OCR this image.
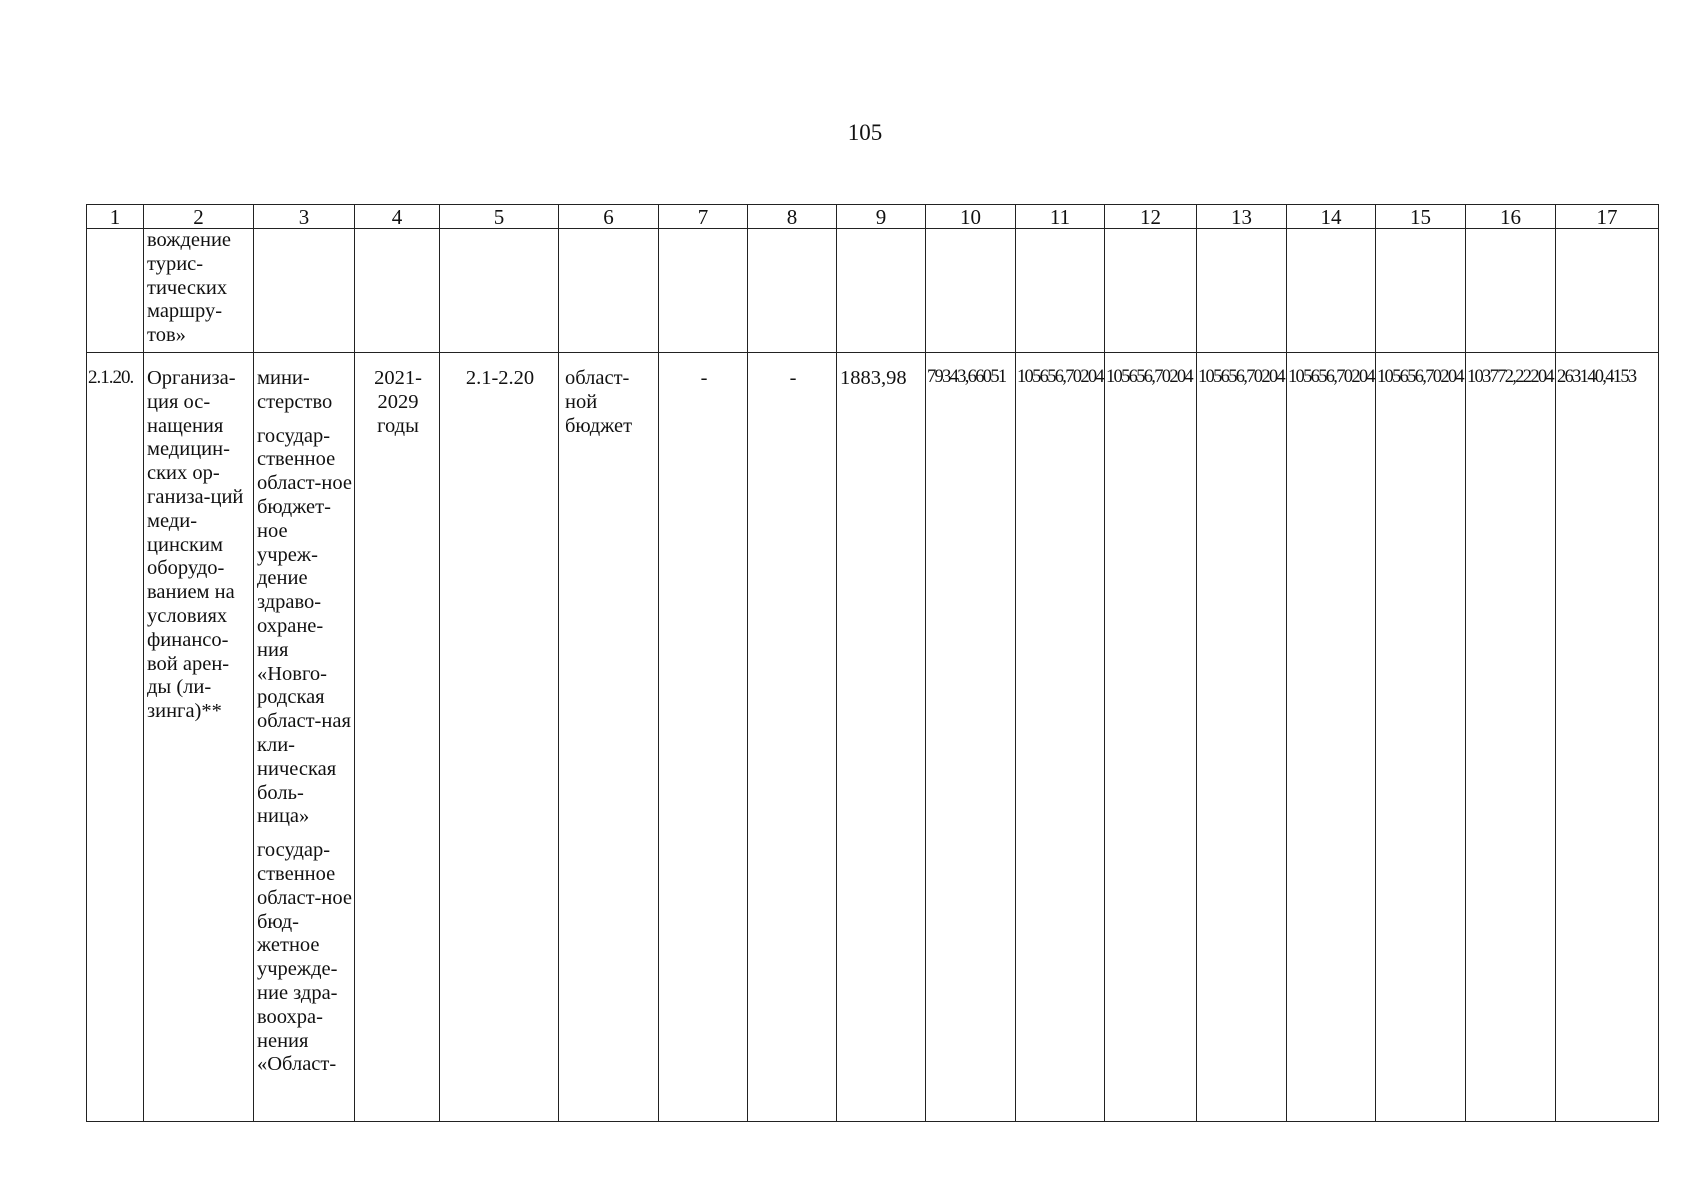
105
1	2	3	4	5	6	7	8	9	10	11	12	13	14	15	16	17

	вождение турис-тических маршру-тов»															

2.1.20.	Организа-ция ос-нащения медицин-ских ор-ганиза-ций меди-цинским оборудо-ванием на условиях финансо-вой арен-ды (ли-зинга)**	мини-стерство
государ-ственное област-ное бюджет-ное учреж-дение здраво-охране-ния «Новго-родская област-ная кли-ническая боль-ница»
государ-ственное област-ное бюд-жетное учрежде-ние здра-воохра-нения «Област-	2021-2029 годы	2.1-2.20	област-ной бюджет	-	-	1883,98	79343,66051	105656,70204	105656,70204	105656,70204	105656,70204	105656,70204	103772,22204	263140,4153
